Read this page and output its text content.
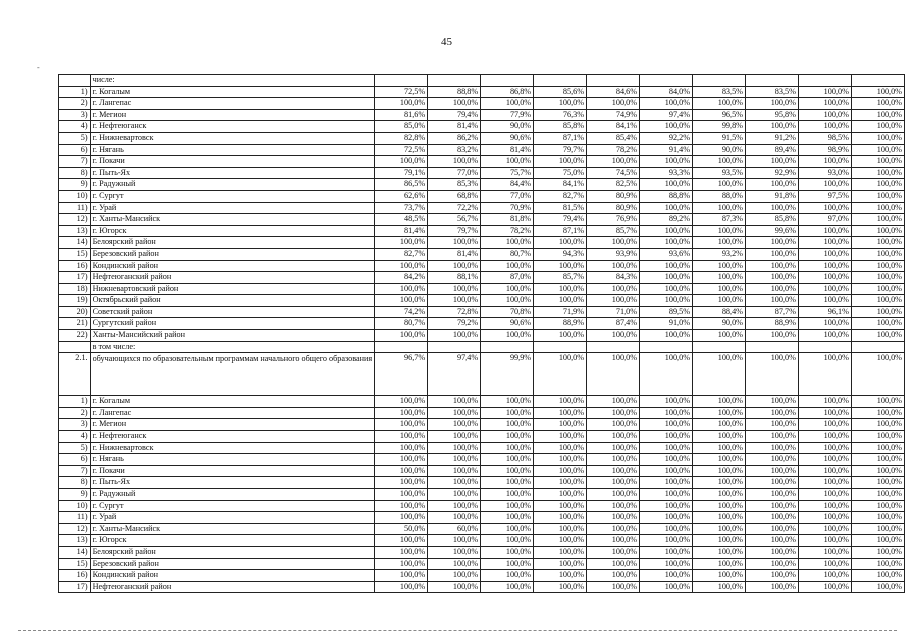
45
-
	числе:										
1)	г. Когалым	72,5%	88,8%	86,8%	85,6%	84,6%	84,0%	83,5%	83,5%	100,0%	100,0%
2)	г. Лангепас	100,0%	100,0%	100,0%	100,0%	100,0%	100,0%	100,0%	100,0%	100,0%	100,0%
3)	г. Мегион	81,6%	79,4%	77,9%	76,3%	74,9%	97,4%	96,5%	95,8%	100,0%	100,0%
4)	г. Нефтеюганск	85,0%	81,4%	90,0%	85,8%	84,1%	100,0%	99,8%	100,0%	100,0%	100,0%
5)	г. Нижневартовск	82,8%	86,2%	90,6%	87,1%	85,4%	92,2%	91,5%	91,2%	98,5%	100,0%
6)	г. Нягань	72,5%	83,2%	81,4%	79,7%	78,2%	91,4%	90,0%	89,4%	98,9%	100,0%
7)	г. Покачи	100,0%	100,0%	100,0%	100,0%	100,0%	100,0%	100,0%	100,0%	100,0%	100,0%
8)	г. Пыть-Ях	79,1%	77,0%	75,7%	75,0%	74,5%	93,3%	93,5%	92,9%	93,0%	100,0%
9)	г. Радужный	86,5%	85,3%	84,4%	84,1%	82,5%	100,0%	100,0%	100,0%	100,0%	100,0%
10)	г. Сургут	62,6%	68,8%	77,0%	82,7%	80,9%	88,8%	88,0%	91,8%	97,5%	100,0%
11)	г. Урай	73,7%	72,2%	70,9%	81,5%	80,9%	100,0%	100,0%	100,0%	100,0%	100,0%
12)	г. Ханты-Мансийск	48,5%	56,7%	81,8%	79,4%	76,9%	89,2%	87,3%	85,8%	97,0%	100,0%
13)	г. Югорск	81,4%	79,7%	78,2%	87,1%	85,7%	100,0%	100,0%	99,6%	100,0%	100,0%
14)	Белоярский район	100,0%	100,0%	100,0%	100,0%	100,0%	100,0%	100,0%	100,0%	100,0%	100,0%
15)	Березовский район	82,7%	81,4%	80,7%	94,3%	93,9%	93,6%	93,2%	100,0%	100,0%	100,0%
16)	Кондинский район	100,0%	100,0%	100,0%	100,0%	100,0%	100,0%	100,0%	100,0%	100,0%	100,0%
17)	Нефтеюганский район	84,2%	88,1%	87,0%	85,7%	84,3%	100,0%	100,0%	100,0%	100,0%	100,0%
18)	Нижневартовский район	100,0%	100,0%	100,0%	100,0%	100,0%	100,0%	100,0%	100,0%	100,0%	100,0%
19)	Октябрьский район	100,0%	100,0%	100,0%	100,0%	100,0%	100,0%	100,0%	100,0%	100,0%	100,0%
20)	Советский район	74,2%	72,8%	70,8%	71,9%	71,0%	89,5%	88,4%	87,7%	96,1%	100,0%
21)	Сургутский район	80,7%	79,2%	90,6%	88,9%	87,4%	91,0%	90,0%	88,9%	100,0%	100,0%
22)	Ханты-Мансийский район	100,0%	100,0%	100,0%	100,0%	100,0%	100,0%	100,0%	100,0%	100,0%	100,0%
	в том числе:										
2.1.	обучающихся по образовательным программам начального общего образования	96,7%	97,4%	99,9%	100,0%	100,0%	100,0%	100,0%	100,0%	100,0%	100,0%
1)	г. Когалым	100,0%	100,0%	100,0%	100,0%	100,0%	100,0%	100,0%	100,0%	100,0%	100,0%
2)	г. Лангепас	100,0%	100,0%	100,0%	100,0%	100,0%	100,0%	100,0%	100,0%	100,0%	100,0%
3)	г. Мегион	100,0%	100,0%	100,0%	100,0%	100,0%	100,0%	100,0%	100,0%	100,0%	100,0%
4)	г. Нефтеюганск	100,0%	100,0%	100,0%	100,0%	100,0%	100,0%	100,0%	100,0%	100,0%	100,0%
5)	г. Нижневартовск	100,0%	100,0%	100,0%	100,0%	100,0%	100,0%	100,0%	100,0%	100,0%	100,0%
6)	г. Нягань	100,0%	100,0%	100,0%	100,0%	100,0%	100,0%	100,0%	100,0%	100,0%	100,0%
7)	г. Покачи	100,0%	100,0%	100,0%	100,0%	100,0%	100,0%	100,0%	100,0%	100,0%	100,0%
8)	г. Пыть-Ях	100,0%	100,0%	100,0%	100,0%	100,0%	100,0%	100,0%	100,0%	100,0%	100,0%
9)	г. Радужный	100,0%	100,0%	100,0%	100,0%	100,0%	100,0%	100,0%	100,0%	100,0%	100,0%
10)	г. Сургут	100,0%	100,0%	100,0%	100,0%	100,0%	100,0%	100,0%	100,0%	100,0%	100,0%
11)	г. Урай	100,0%	100,0%	100,0%	100,0%	100,0%	100,0%	100,0%	100,0%	100,0%	100,0%
12)	г. Ханты-Мансийск	50,0%	60,0%	100,0%	100,0%	100,0%	100,0%	100,0%	100,0%	100,0%	100,0%
13)	г. Югорск	100,0%	100,0%	100,0%	100,0%	100,0%	100,0%	100,0%	100,0%	100,0%	100,0%
14)	Белоярский район	100,0%	100,0%	100,0%	100,0%	100,0%	100,0%	100,0%	100,0%	100,0%	100,0%
15)	Березовский район	100,0%	100,0%	100,0%	100,0%	100,0%	100,0%	100,0%	100,0%	100,0%	100,0%
16)	Кондинский район	100,0%	100,0%	100,0%	100,0%	100,0%	100,0%	100,0%	100,0%	100,0%	100,0%
17)	Нефтеюганский район	100,0%	100,0%	100,0%	100,0%	100,0%	100,0%	100,0%	100,0%	100,0%	100,0%
